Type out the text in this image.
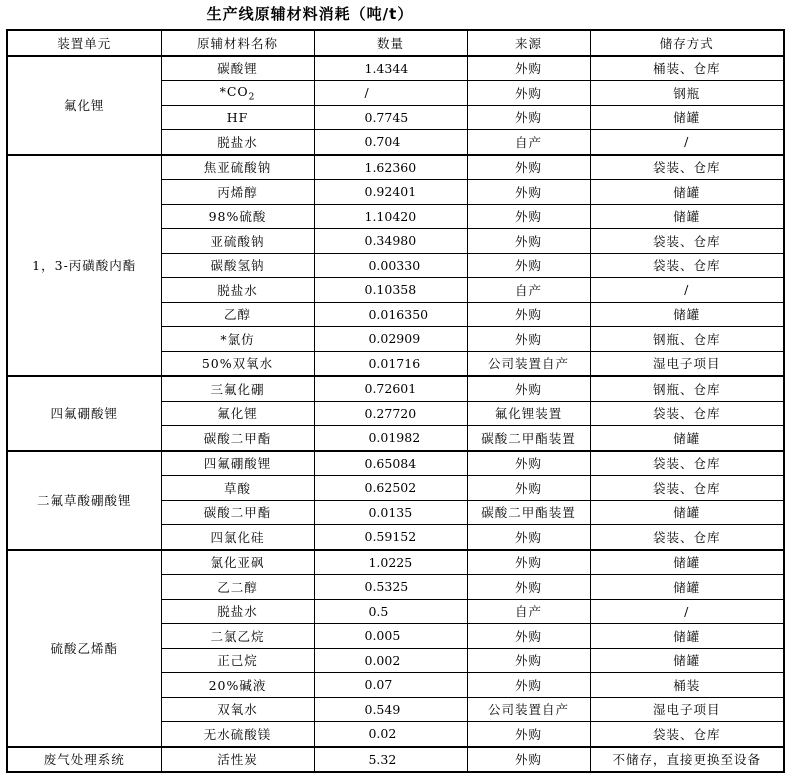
生产线原辅材料消耗（吨/t）
装置单元	原辅材料名称	数量	来源	储存方式
氟化锂	碳酸锂	1.4344	外购	桶装、仓库
	$*CO_2$	/	外购	钢瓶
	HF	0.7745	外购	储罐
	脱盐水	0.704	自产	/
1，3-丙磺酸内酯	焦亚硫酸钠	1.62360	外购	袋装、仓库
	丙烯醇	0.92401	外购	储罐
	98%硫酸	1.10420	外购	储罐
	亚硫酸钠	0.34980	外购	袋装、仓库
	碳酸氢钠	0.00330	外购	袋装、仓库
	脱盐水	0.10358	自产	/
	乙醇	0.016350	外购	储罐
	*氯仿	0.02909	外购	钢瓶、仓库
	50%双氧水	0.01716	公司装置自产	湿电子项目
四氟硼酸锂	三氟化硼	0.72601	外购	钢瓶、仓库
	氟化锂	0.27720	氟化锂装置	袋装、仓库
	碳酸二甲酯	0.01982	碳酸二甲酯装置	储罐
二氟草酸硼酸锂	四氟硼酸锂	0.65084	外购	袋装、仓库
	草酸	0.62502	外购	袋装、仓库
	碳酸二甲酯	0.0135	碳酸二甲酯装置	储罐
	四氯化硅	0.59152	外购	袋装、仓库
硫酸乙烯酯	氯化亚砜	1.0225	外购	储罐
	乙二醇	0.5325	外购	储罐
	脱盐水	0.5	自产	/
	二氯乙烷	0.005	外购	储罐
	正己烷	0.002	外购	储罐
	20%碱液	0.07	外购	桶装
	双氧水	0.549	公司装置自产	湿电子项目
	无水硫酸镁	0.02	外购	袋装、仓库
废气处理系统	活性炭	5.32	外购	不储存，直接更换至设备
